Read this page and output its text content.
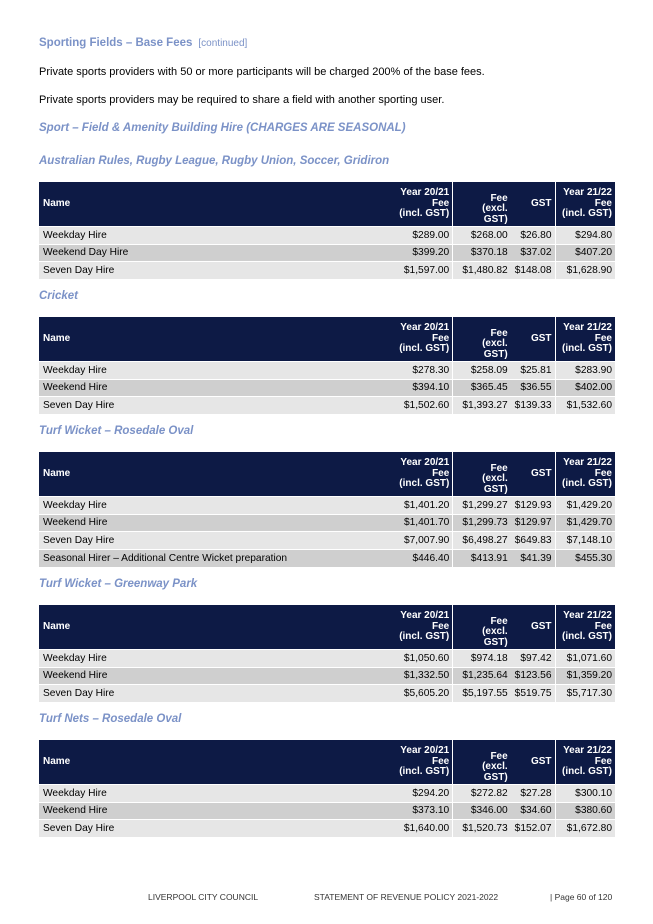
Sporting Fields – Base Fees [continued]
Private sports providers with 50 or more participants will be charged 200% of the base fees.
Private sports providers may be required to share a field with another sporting user.
Sport – Field & Amenity Building Hire (CHARGES ARE SEASONAL)
Australian Rules, Rugby League, Rugby Union, Soccer, Gridiron
Name	Year 20/21
Fee
(incl. GST)	Fee
(excl. GST)	GST	Year 21/22
Fee
(incl. GST)
Weekday Hire	$289.00	$268.00	$26.80	$294.80
Weekend Day Hire	$399.20	$370.18	$37.02	$407.20
Seven Day Hire	$1,597.00	$1,480.82	$148.08	$1,628.90
Cricket
Name	Year 20/21
Fee
(incl. GST)	Fee
(excl. GST)	GST	Year 21/22
Fee
(incl. GST)
Weekday Hire	$278.30	$258.09	$25.81	$283.90
Weekend Hire	$394.10	$365.45	$36.55	$402.00
Seven Day Hire	$1,502.60	$1,393.27	$139.33	$1,532.60
Turf Wicket – Rosedale Oval
Name	Year 20/21
Fee
(incl. GST)	Fee
(excl. GST)	GST	Year 21/22
Fee
(incl. GST)
Weekday Hire	$1,401.20	$1,299.27	$129.93	$1,429.20
Weekend Hire	$1,401.70	$1,299.73	$129.97	$1,429.70
Seven Day Hire	$7,007.90	$6,498.27	$649.83	$7,148.10
Seasonal Hirer – Additional Centre Wicket preparation	$446.40	$413.91	$41.39	$455.30
Turf Wicket – Greenway Park
Name	Year 20/21
Fee
(incl. GST)	Fee
(excl. GST)	GST	Year 21/22
Fee
(incl. GST)
Weekday Hire	$1,050.60	$974.18	$97.42	$1,071.60
Weekend Hire	$1,332.50	$1,235.64	$123.56	$1,359.20
Seven Day Hire	$5,605.20	$5,197.55	$519.75	$5,717.30
Turf Nets – Rosedale Oval
Name	Year 20/21
Fee
(incl. GST)	Fee
(excl. GST)	GST	Year 21/22
Fee
(incl. GST)
Weekday Hire	$294.20	$272.82	$27.28	$300.10
Weekend Hire	$373.10	$346.00	$34.60	$380.60
Seven Day Hire	$1,640.00	$1,520.73	$152.07	$1,672.80
LIVERPOOL CITY COUNCIL	STATEMENT OF REVENUE POLICY 2021-2022	| Page 60 of 120
